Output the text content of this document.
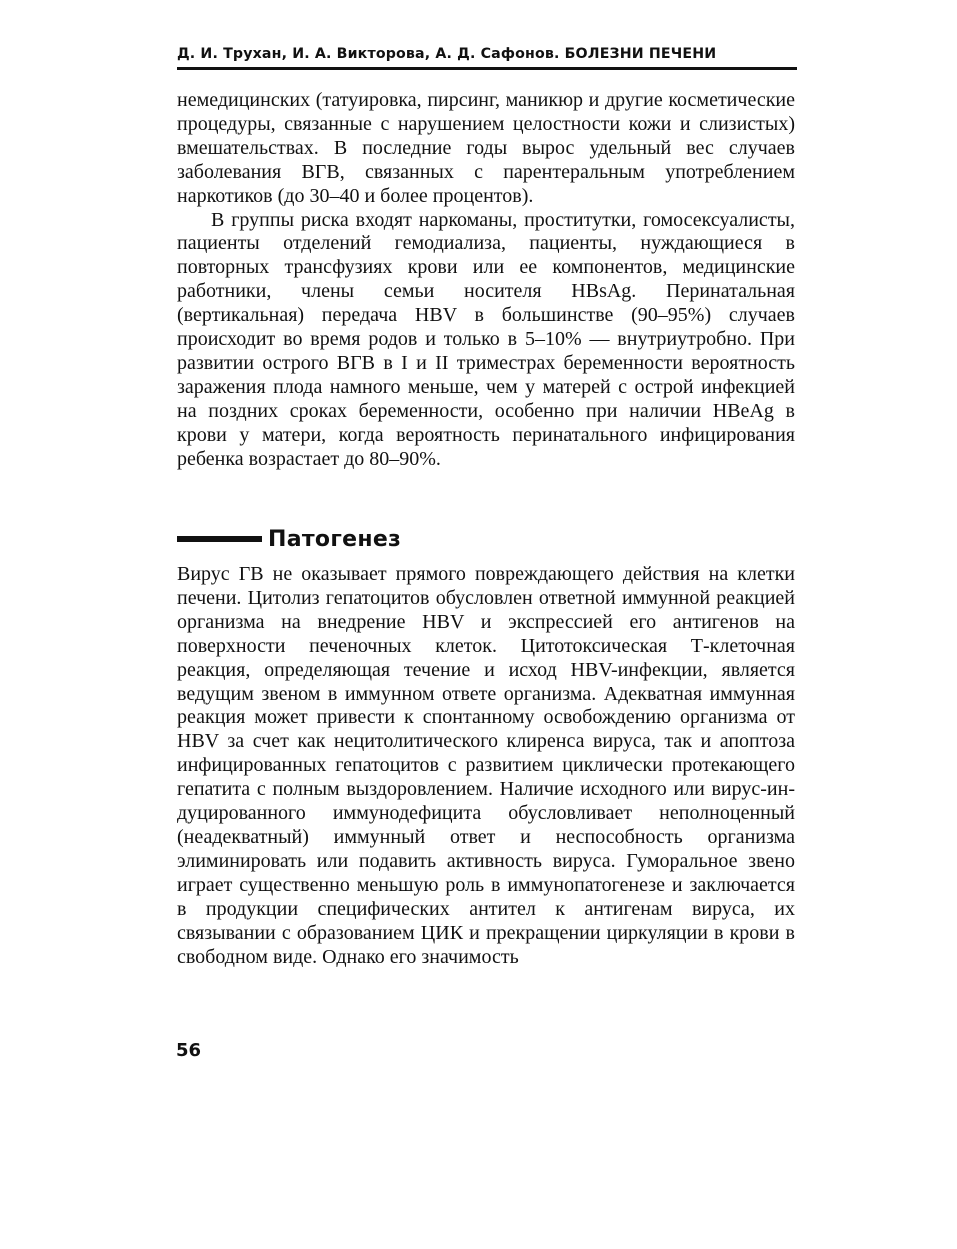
Д. И. Трухан, И. А. Викторова, А. Д. Сафонов. БОЛЕЗНИ ПЕЧЕНИ

немедицинских (татуировка, пирсинг, маникюр и другие косметические процедуры, связанные с нарушением целостности кожи и слизистых) вмешательствах. В последние годы вырос удельный вес случаев заболевания ВГВ, связанных с парентеральным употреблением наркотиков (до 30–40 и более процентов).

В группы риска входят наркоманы, проститутки, гомосексуалисты, пациенты отделений гемодиализа, пациенты, нуждающиеся в повторных трансфузиях крови или ее компонентов, медицинские работники, члены семьи носителя HBsAg. Перинатальная (вертикальная) передача HBV в большинстве (90–95%) случаев происходит во время родов и только в 5–10% — внутриутробно. При развитии острого ВГВ в I и II триместрах беременности вероятность заражения плода намного меньше, чем у матерей с острой инфекцией на поздних сроках беременности, особенно при наличии HBeAg в крови у матери, когда вероятность перинатального инфицирования ребенка возрастает до 80–90%.

Патогенез

Вирус ГВ не оказывает прямого повреждающего действия на клетки печени. Цитолиз гепатоцитов обусловлен ответной иммунной реакцией организма на внедрение HBV и экспрессией его антигенов на поверхности печеночных клеток. Цитотоксическая Т-клеточная реакция, определяющая течение и исход HBV-инфекции, является ведущим звеном в иммунном ответе организма. Адекватная иммунная реакция может привести к спонтанному освобождению организма от HBV за счет как нецитолитического клиренса вируса, так и апоптоза инфицированных гепатоцитов с развитием циклически протекающего гепатита с полным выздоровлением. Наличие исходного или вирус-индуцированного иммунодефицита обусловливает неполноценный (неадекватный) иммунный ответ и неспособность организма элиминировать или подавить активность вируса. Гуморальное звено играет существенно меньшую роль в иммунопатогенезе и заключается в продукции специфических антител к антигенам вируса, их связывании с образованием ЦИК и прекращении циркуляции в крови в свободном виде. Однако его значимость

56
